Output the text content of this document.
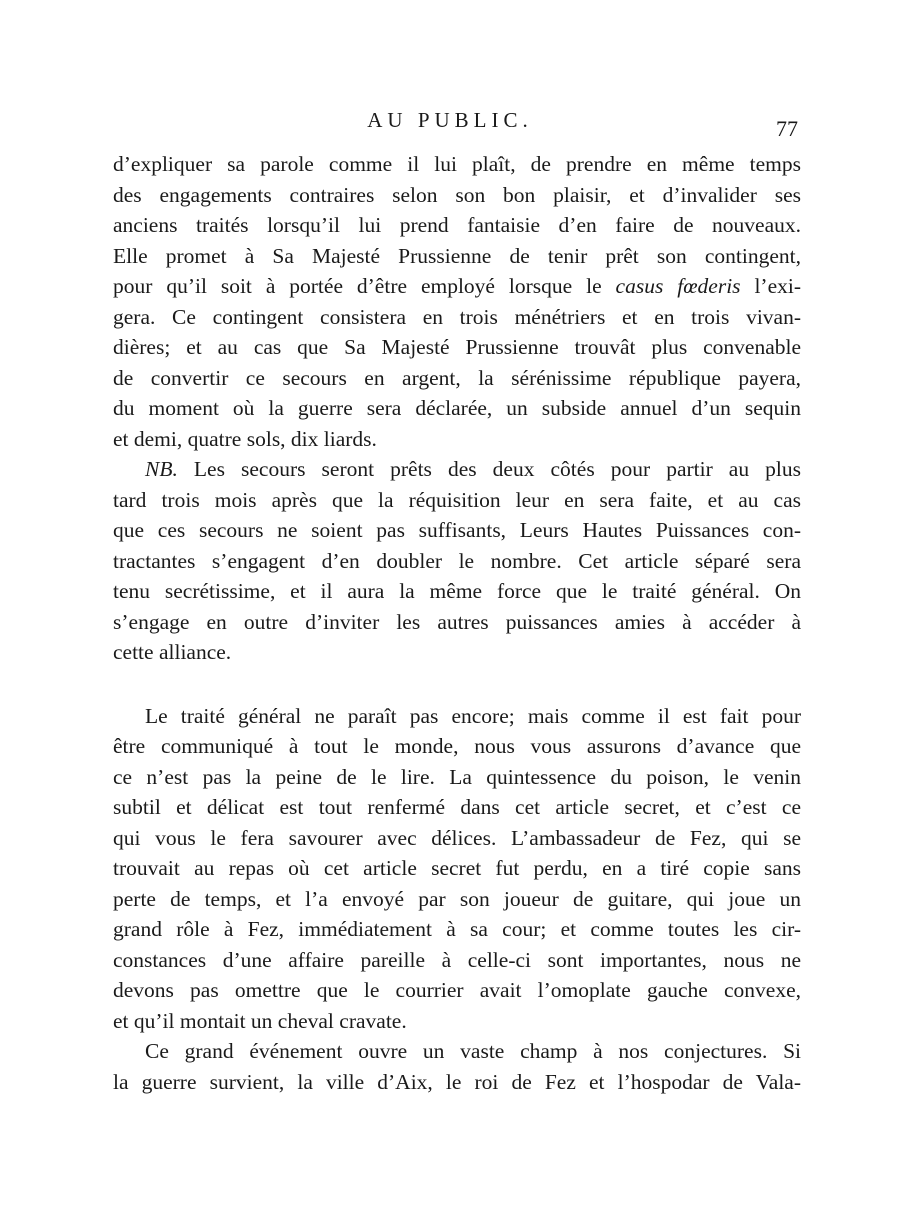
AU PUBLIC.	77
d’expliquer sa parole comme il lui plaît, de prendre en même temps
des engagements contraires selon son bon plaisir, et d’invalider ses
anciens traités lorsqu’il lui prend fantaisie d’en faire de nouveaux.
Elle promet à Sa Majesté Prussienne de tenir prêt son contingent,
pour qu’il soit à portée d’être employé lorsque le casus fœderis l’exi-
gera. Ce contingent consistera en trois ménétriers et en trois vivan-
dières; et au cas que Sa Majesté Prussienne trouvât plus convenable
de convertir ce secours en argent, la sérénissime république payera,
du moment où la guerre sera déclarée, un subside annuel d’un sequin
et demi, quatre sols, dix liards.
NB. Les secours seront prêts des deux côtés pour partir au plus
tard trois mois après que la réquisition leur en sera faite, et au cas
que ces secours ne soient pas suffisants, Leurs Hautes Puissances con-
tractantes s’engagent d’en doubler le nombre. Cet article séparé sera
tenu secrétissime, et il aura la même force que le traité général. On
s’engage en outre d’inviter les autres puissances amies à accéder à
cette alliance.
Le traité général ne paraît pas encore; mais comme il est fait pour
être communiqué à tout le monde, nous vous assurons d’avance que
ce n’est pas la peine de le lire. La quintessence du poison, le venin
subtil et délicat est tout renfermé dans cet article secret, et c’est ce
qui vous le fera savourer avec délices. L’ambassadeur de Fez, qui se
trouvait au repas où cet article secret fut perdu, en a tiré copie sans
perte de temps, et l’a envoyé par son joueur de guitare, qui joue un
grand rôle à Fez, immédiatement à sa cour; et comme toutes les cir-
constances d’une affaire pareille à celle-ci sont importantes, nous ne
devons pas omettre que le courrier avait l’omoplate gauche convexe,
et qu’il montait un cheval cravate.
Ce grand événement ouvre un vaste champ à nos conjectures. Si
la guerre survient, la ville d’Aix, le roi de Fez et l’hospodar de Vala-
